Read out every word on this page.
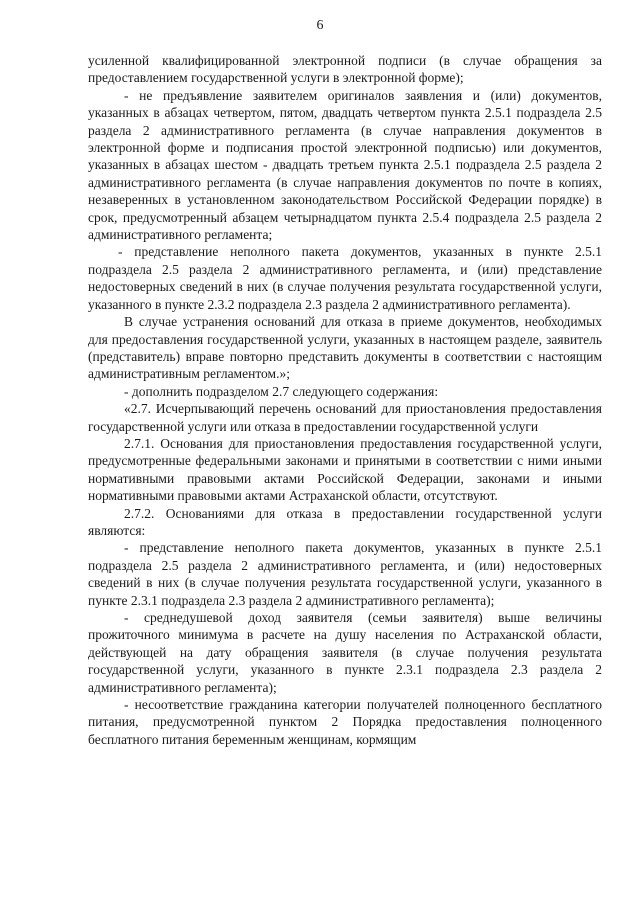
6

усиленной квалифицированной электронной подписи (в случае обращения за предоставлением государственной услуги в электронной форме);

- не предъявление заявителем оригиналов заявления и (или) документов, указанных в абзацах четвертом, пятом, двадцать четвертом пункта 2.5.1 подраздела 2.5 раздела 2 административного регламента (в случае направления документов в электронной форме и подписания простой электронной подписью) или документов, указанных в абзацах шестом - двадцать третьем пункта 2.5.1 подраздела 2.5 раздела 2 административного регламента (в случае направления документов по почте в копиях, незаверенных в установленном законодательством Российской Федерации порядке) в срок, предусмотренный абзацем четырнадцатом пункта 2.5.4 подраздела 2.5 раздела 2 административного регламента;

- представление неполного пакета документов, указанных в пункте 2.5.1 подраздела 2.5 раздела 2 административного регламента, и (или) представление недостоверных сведений в них (в случае получения результата государственной услуги, указанного в пункте 2.3.2 подраздела 2.3 раздела 2 административного регламента).

В случае устранения оснований для отказа в приеме документов, необходимых для предоставления государственной услуги, указанных в настоящем разделе, заявитель (представитель) вправе повторно представить документы в соответствии с настоящим административным регламентом.»;

- дополнить подразделом 2.7 следующего содержания:

«2.7. Исчерпывающий перечень оснований для приостановления предоставления государственной услуги или отказа в предоставлении государственной услуги

2.7.1. Основания для приостановления предоставления государственной услуги, предусмотренные федеральными законами и принятыми в соответствии с ними иными нормативными правовыми актами Российской Федерации, законами и иными нормативными правовыми актами Астраханской области, отсутствуют.

2.7.2. Основаниями для отказа в предоставлении государственной услуги являются:

- представление неполного пакета документов, указанных в пункте 2.5.1 подраздела 2.5 раздела 2 административного регламента, и (или) недостоверных сведений в них (в случае получения результата государственной услуги, указанного в пункте 2.3.1 подраздела 2.3 раздела 2 административного регламента);

- среднедушевой доход заявителя (семьи заявителя) выше величины прожиточного минимума в расчете на душу населения по Астраханской области, действующей на дату обращения заявителя (в случае получения результата государственной услуги, указанного в пункте 2.3.1 подраздела 2.3 раздела 2 административного регламента);

- несоответствие гражданина категории получателей полноценного бесплатного питания, предусмотренной пунктом 2 Порядка предоставления полноценного бесплатного питания беременным женщинам, кормящим
